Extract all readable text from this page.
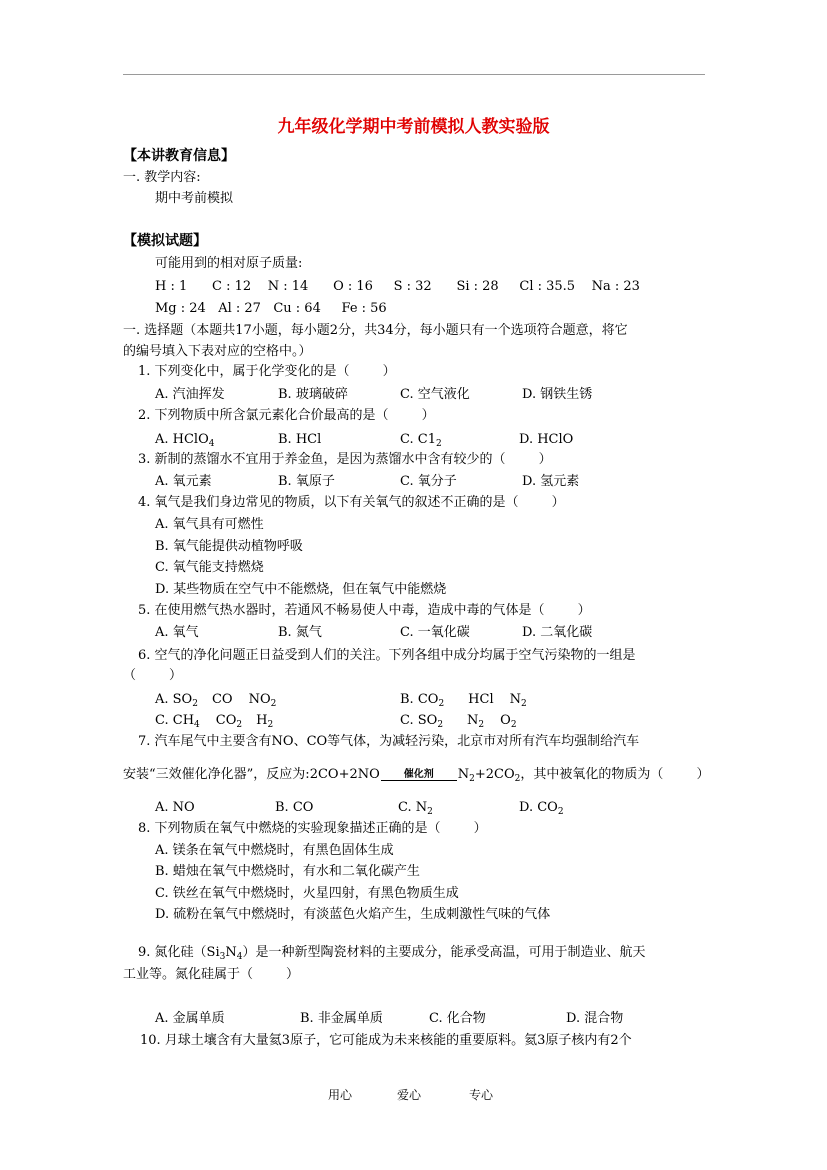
九年级化学期中考前模拟人教实验版
【本讲教育信息】
一. 教学内容:
期中考前模拟
【模拟试题】
可能用到的相对原子质量:
H : 1      C : 12    N : 14      O : 16     S : 32      Si : 28     Cl : 35.5    Na : 23
Mg : 24   Al : 27   Cu : 64     Fe : 56
一. 选择题（本题共17小题，每小题2分，共34分，每小题只有一个选项符合题意，将它
的编号填入下表对应的空格中。）
1. 下列变化中，属于化学变化的是（        ）
A. 汽油挥发	B. 玻璃破碎	C. 空气液化	D. 钢铁生锈
2. 下列物质中所含氯元素化合价最高的是（        ）
A. HClO$_4$	B. HCl	C. $C1_2$	D. HClO
3. 新制的蒸馏水不宜用于养金鱼，是因为蒸馏水中含有较少的（        ）
A. 氧元素	B. 氧原子	C. 氧分子	D. 氢元素
4. 氧气是我们身边常见的物质，以下有关氧气的叙述不正确的是（        ）
A. 氧气具有可燃性
B. 氧气能提供动植物呼吸
C. 氧气能支持燃烧
D. 某些物质在空气中不能燃烧，但在氧气中能燃烧
5. 在使用燃气热水器时，若通风不畅易使人中毒，造成中毒的气体是（        ）
A. 氧气	B. 氮气	C. 一氧化碳	D. 二氧化碳
6. 空气的净化问题正日益受到人们的关注。下列各组中成分均属于空气污染物的一组是
（        ）
A. $SO_2$ CO $NO_2$	B. $CO_2$ HCl $N_2$
C. $CH_4$ $CO_2$ $H_2$	C. $SO_2$ $N_2$ $O_2$
7. 汽车尾气中主要含有NO、CO等气体，为减轻污染，北京市对所有汽车均强制给汽车
安装“三效催化净化器”，反应为:2CO+2NO	催化剂	$N_2+2CO_2$，其中被氧化的物质为（        ）
A. NO	B. CO	C. $N_2$	D. $CO_2$
8. 下列物质在氧气中燃烧的实验现象描述正确的是（        ）
A. 镁条在氧气中燃烧时，有黑色固体生成
B. 蜡烛在氧气中燃烧时，有水和二氧化碳产生
C. 铁丝在氧气中燃烧时，火星四射，有黑色物质生成
D. 硫粉在氧气中燃烧时，有淡蓝色火焰产生，生成刺激性气味的气体
9. 氮化硅$(Si_3N_4)$是一种新型陶瓷材料的主要成分，能承受高温，可用于制造业、航天
工业等。氮化硅属于（        ）
A. 金属单质	B. 非金属单质	C. 化合物	D. 混合物
10. 月球土壤含有大量氦3原子，它可能成为未来核能的重要原料。氦3原子核内有2个
用心	爱心	专心
